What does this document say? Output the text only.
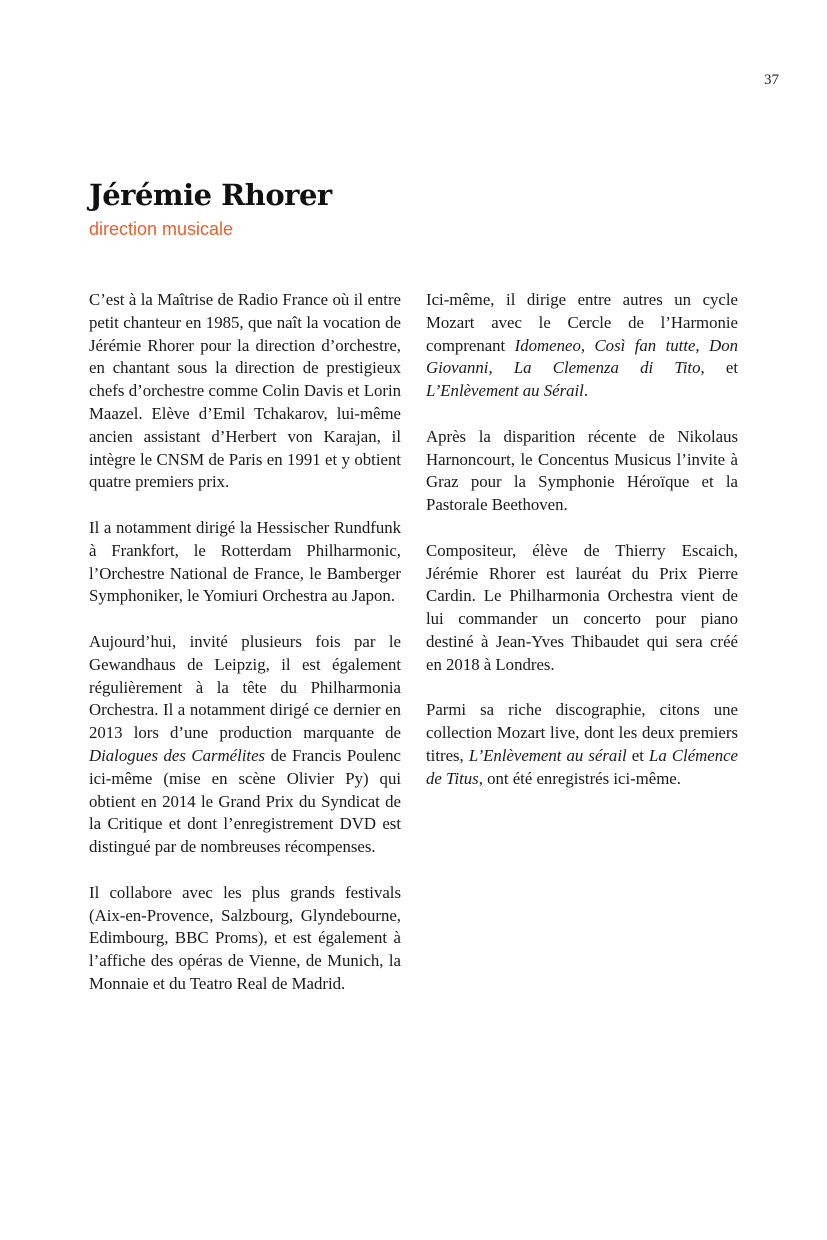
37
Jérémie Rhorer
direction musicale

C’est à la Maîtrise de Radio France où il entre petit chanteur en 1985, que naît la vocation de Jérémie Rhorer pour la direction d’orchestre, en chantant sous la direction de prestigieux chefs d’orchestre comme Colin Davis et Lorin Maazel. Elève d’Emil Tchakarov, lui-même ancien assistant d’Herbert von Karajan, il intègre le CNSM de Paris en 1991 et y obtient quatre premiers prix.

Il a notamment dirigé la Hessischer Rundfunk à Frankfort, le Rotterdam Philharmonic, l’Orchestre National de France, le Bamberger Symphoniker, le Yomiuri Orchestra au Japon.

Aujourd’hui, invité plusieurs fois par le Gewandhaus de Leipzig, il est également régulièrement à la tête du Philharmonia Orchestra. Il a notamment dirigé ce dernier en 2013 lors d’une production marquante de Dialogues des Carmélites de Francis Poulenc ici-même (mise en scène Olivier Py) qui obtient en 2014 le Grand Prix du Syndicat de la Critique et dont l’enregistrement DVD est distingué par de nombreuses récompenses.

Il collabore avec les plus grands festivals (Aix-en-Provence, Salzbourg, Glyndebourne, Edimbourg, BBC Proms), et est également à l’affiche des opéras de Vienne, de Munich, la Monnaie et du Teatro Real de Madrid.

Ici-même, il dirige entre autres un cycle Mozart avec le Cercle de l’Harmonie comprenant Idomeneo, Così fan tutte, Don Giovanni, La Clemenza di Tito, et L’Enlèvement au Sérail.

Après la disparition récente de Nikolaus Harnoncourt, le Concentus Musicus l’invite à Graz pour la Symphonie Héroïque et la Pastorale Beethoven.

Compositeur, élève de Thierry Escaich, Jérémie Rhorer est lauréat du Prix Pierre Cardin. Le Philharmonia Orchestra vient de lui commander un concerto pour piano destiné à Jean-Yves Thibaudet qui sera créé en 2018 à Londres.

Parmi sa riche discographie, citons une collection Mozart live, dont les deux premiers titres, L’Enlèvement au sérail et La Clémence de Titus, ont été enregistrés ici-même.
